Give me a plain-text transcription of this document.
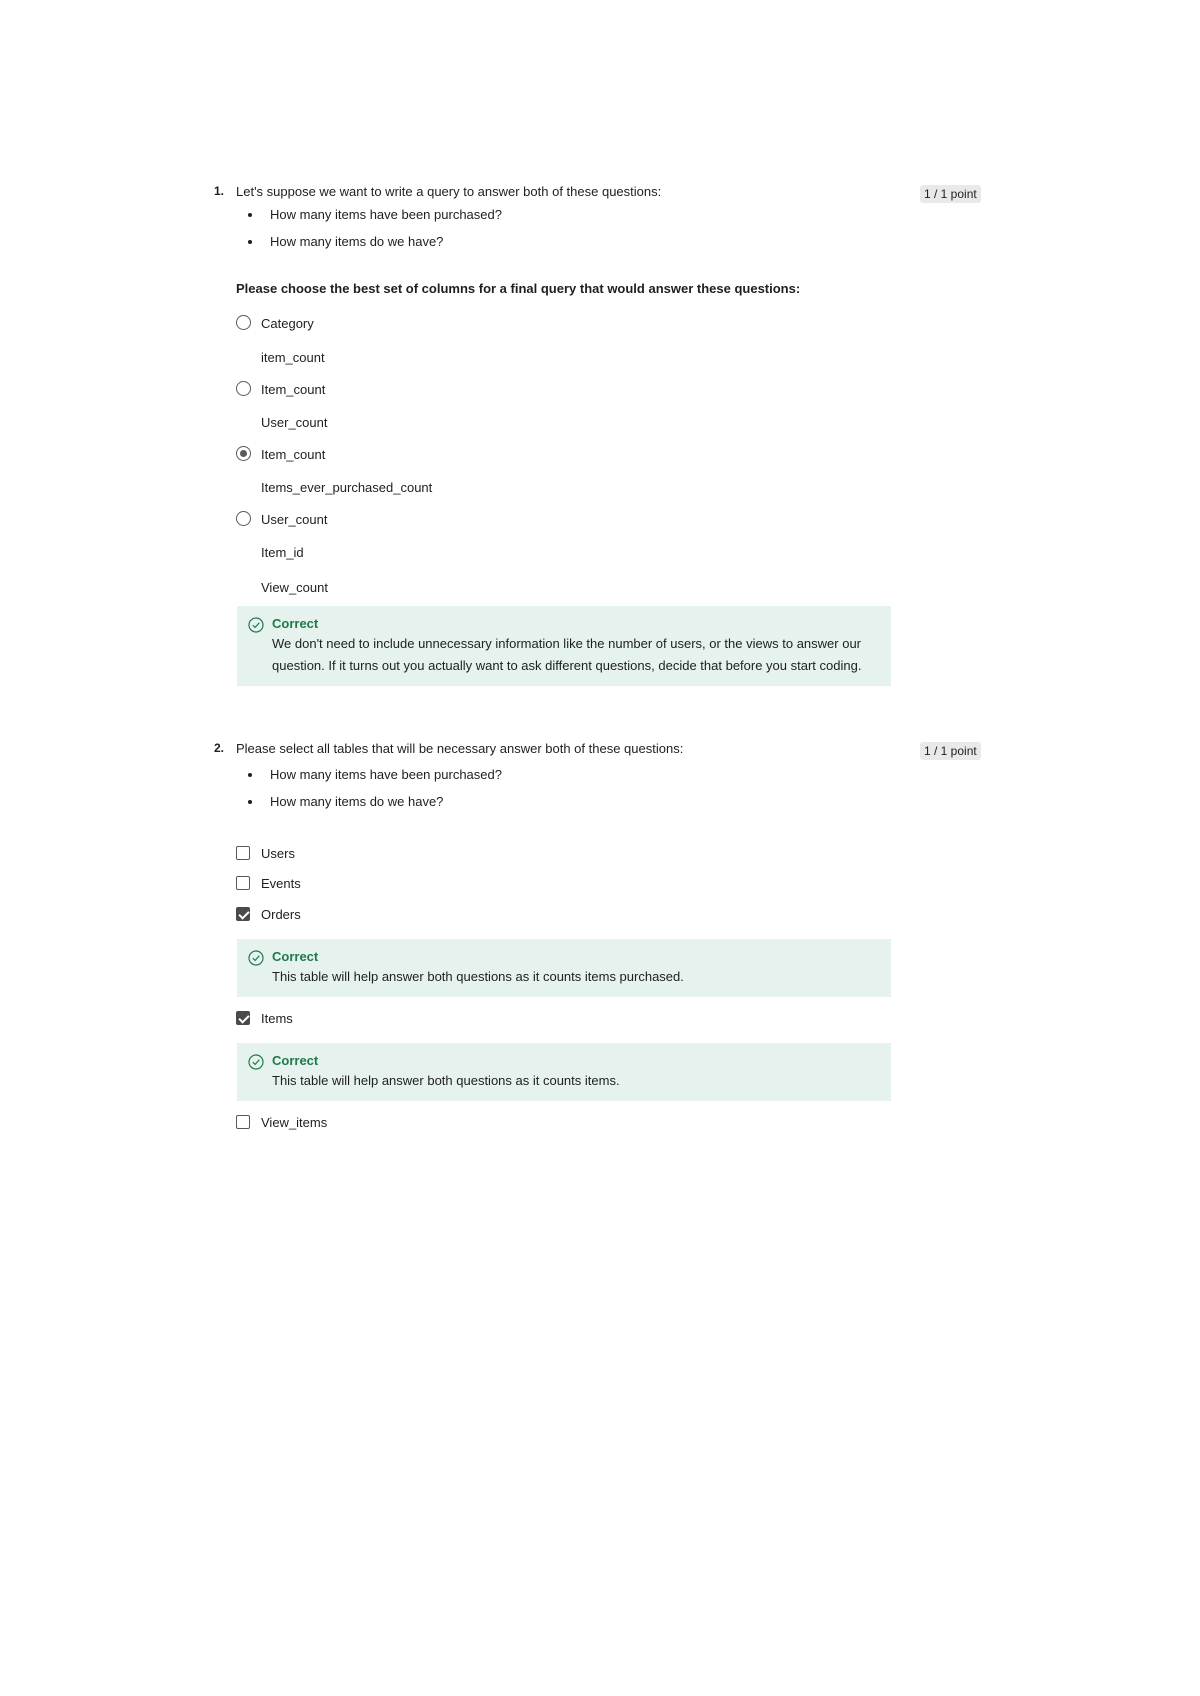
1. Let's suppose we want to write a query to answer both of these questions:	1 / 1 point
How many items have been purchased?
How many items do we have?
Please choose the best set of columns for a final query that would answer these questions:
Category
item_count
Item_count
User_count
Item_count
Items_ever_purchased_count
User_count
Item_id
View_count
Correct
We don't need to include unnecessary information like the number of users, or the views to answer our
question. If it turns out you actually want to ask different questions, decide that before you start coding.
2. Please select all tables that will be necessary answer both of these questions:	1 / 1 point
How many items have been purchased?
How many items do we have?
Users
Events
Orders
Correct
This table will help answer both questions as it counts items purchased.
Items
Correct
This table will help answer both questions as it counts items.
View_items
